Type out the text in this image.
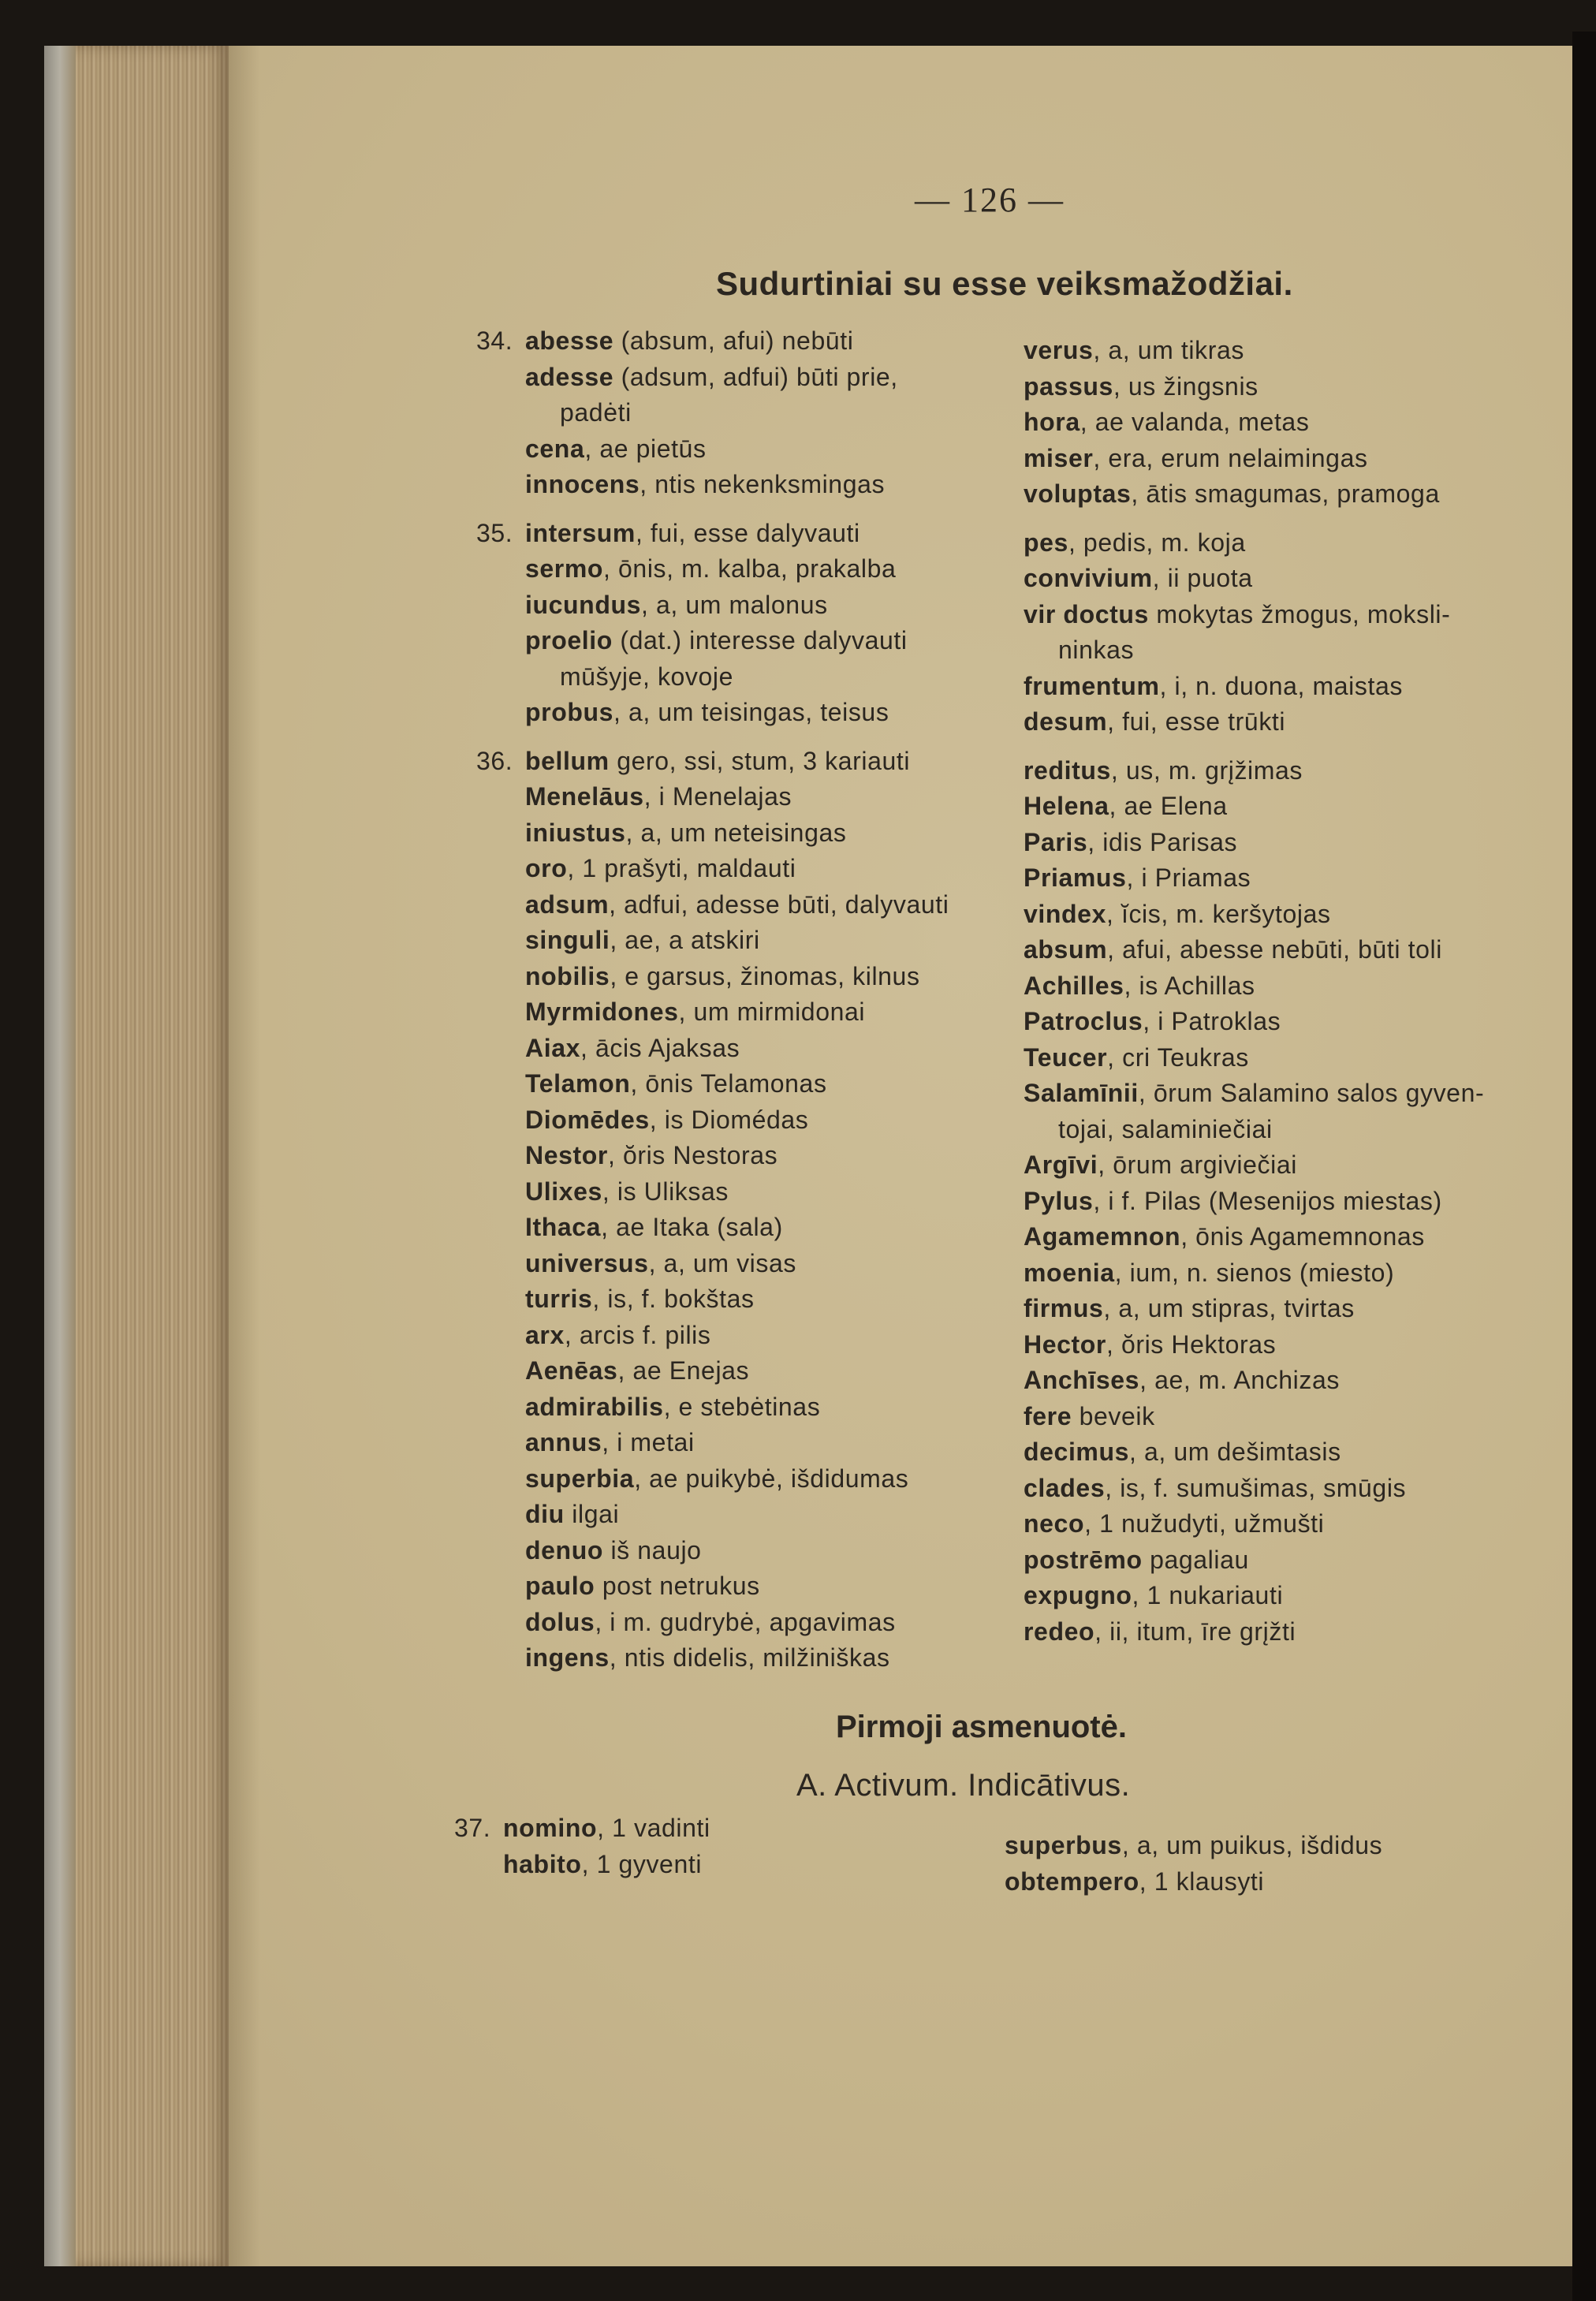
— 126 —
Sudurtiniai su esse veiksmažodžiai.
34. abesse (absum, afui) nebūti
adesse (adsum, adfui) būti prie,
padėti
cena, ae pietūs
innocens, ntis nekenksmingas
35. intersum, fui, esse dalyvauti
sermo, ōnis, m. kalba, prakalba
iucundus, a, um malonus
proelio (dat.) interesse dalyvauti
mūšyje, kovoje
probus, a, um teisingas, teisus
36. bellum gero, ssi, stum, 3 kariauti
Menelāus, i Menelajas
iniustus, a, um neteisingas
oro, 1 prašyti, maldauti
adsum, adfui, adesse būti, dalyvauti
singuli, ae, a atskiri
nobilis, e garsus, žinomas, kilnus
Myrmidones, um mirmidonai
Aiax, ācis Ajaksas
Telamon, ōnis Telamonas
Diomēdes, is Diomédas
Nestor, ŏris Nestoras
Ulixes, is Uliksas
Ithaca, ae Itaka (sala)
universus, a, um visas
turris, is, f. bokštas
arx, arcis f. pilis
Aenēas, ae Enejas
admirabilis, e stebėtinas
annus, i metai
superbia, ae puikybė, išdidumas
diu ilgai
denuo iš naujo
paulo post netrukus
dolus, i m. gudrybė, apgavimas
ingens, ntis didelis, milžiniškas
verus, a, um tikras
passus, us žingsnis
hora, ae valanda, metas
miser, era, erum nelaimingas
voluptas, ātis smagumas, pramoga
pes, pedis, m. koja
convivium, ii puota
vir doctus mokytas žmogus, moksli-
ninkas
frumentum, i, n. duona, maistas
desum, fui, esse trūkti
reditus, us, m. grįžimas
Helena, ae Elena
Paris, idis Parisas
Priamus, i Priamas
vindex, ĭcis, m. keršytojas
absum, afui, abesse nebūti, būti toli
Achilles, is Achillas
Patroclus, i Patroklas
Teucer, cri Teukras
Salamīnii, ōrum Salamino salos gyven-
tojai, salaminiečiai
Argīvi, ōrum argiviečiai
Pylus, i f. Pilas (Mesenijos miestas)
Agamemnon, ōnis Agamemnonas
moenia, ium, n. sienos (miesto)
firmus, a, um stipras, tvirtas
Hector, ŏris Hektoras
Anchīses, ae, m. Anchizas
fere beveik
decimus, a, um dešimtasis
clades, is, f. sumušimas, smūgis
neco, 1 nužudyti, užmušti
postrēmo pagaliau
expugno, 1 nukariauti
redeo, ii, itum, īre grįžti
Pirmoji asmenuotė.
A. Activum. Indicātivus.
37. nomino, 1 vadinti
habito, 1 gyventi
superbus, a, um puikus, išdidus
obtempero, 1 klausyti
